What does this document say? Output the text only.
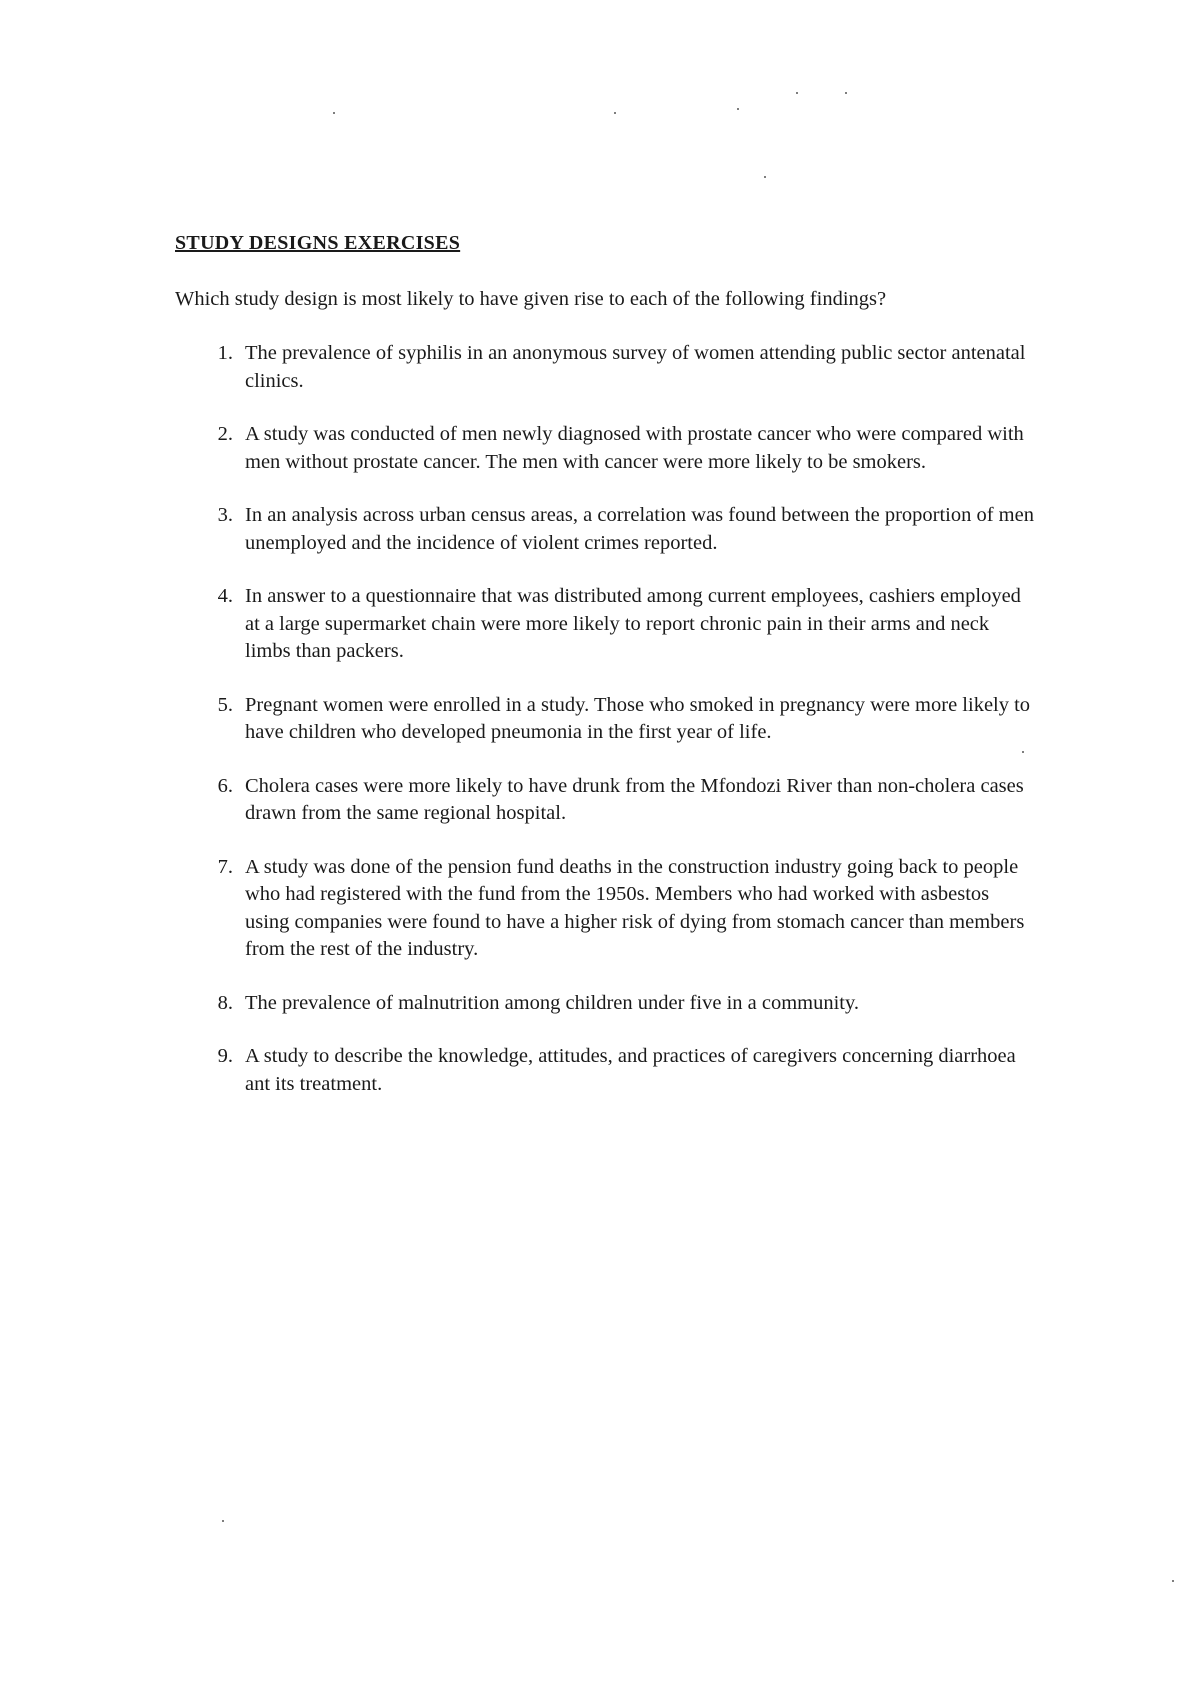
STUDY DESIGNS EXERCISES
Which study design is most likely to have given rise to each of the following findings?
1. The prevalence of syphilis in an anonymous survey of women attending public sector antenatal clinics.
2. A study was conducted of men newly diagnosed with prostate cancer who were compared with men without prostate cancer. The men with cancer were more likely to be smokers.
3. In an analysis across urban census areas, a correlation was found between the proportion of men unemployed and the incidence of violent crimes reported.
4. In answer to a questionnaire that was distributed among current employees, cashiers employed at a large supermarket chain were more likely to report chronic pain in their arms and neck limbs than packers.
5. Pregnant women were enrolled in a study. Those who smoked in pregnancy were more likely to have children who developed pneumonia in the first year of life.
6. Cholera cases were more likely to have drunk from the Mfondozi River than non-cholera cases drawn from the same regional hospital.
7. A study was done of the pension fund deaths in the construction industry going back to people who had registered with the fund from the 1950s. Members who had worked with asbestos using companies were found to have a higher risk of dying from stomach cancer than members from the rest of the industry.
8. The prevalence of malnutrition among children under five in a community.
9. A study to describe the knowledge, attitudes, and practices of caregivers concerning diarrhoea ant its treatment.
